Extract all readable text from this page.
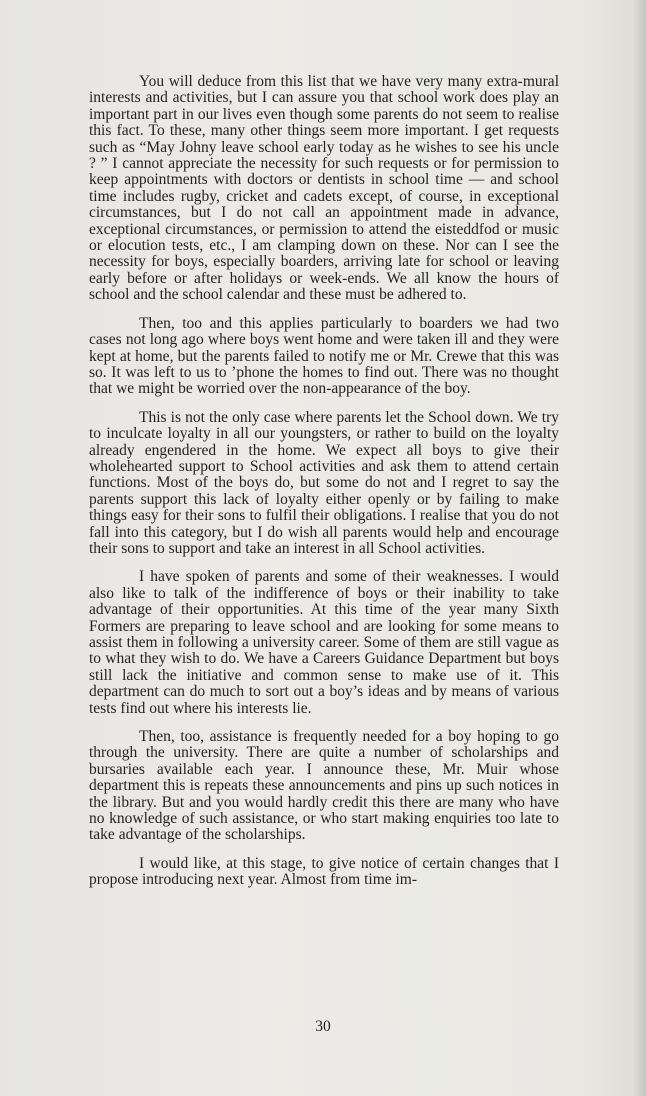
You will deduce from this list that we have very many extra-mural interests and activities, but I can assure you that school work does play an important part in our lives even though some parents do not seem to realise this fact. To these, many other things seem more important. I get requests such as “May Johny leave school early today as he wishes to see his uncle ? ” I cannot appreciate the necessity for such requests or for permission to keep appointments with doctors or dentists in school time — and school time includes rugby, cricket and cadets except, of course, in exceptional circumstances, but I do not call an appointment made in advance, exceptional circumstances, or permission to attend the eisteddfod or music or elocution tests, etc., I am clamping down on these. Nor can I see the necessity for boys, especially boarders, arriving late for school or leaving early before or after holidays or week-ends. We all know the hours of school and the school calendar and these must be adhered to.

Then, too and this applies particularly to boarders we had two cases not long ago where boys went home and were taken ill and they were kept at home, but the parents failed to notify me or Mr. Crewe that this was so. It was left to us to ’phone the homes to find out. There was no thought that we might be worried over the non-appearance of the boy.

This is not the only case where parents let the School down. We try to inculcate loyalty in all our youngsters, or rather to build on the loyalty already engendered in the home. We expect all boys to give their wholehearted support to School activities and ask them to attend certain functions. Most of the boys do, but some do not and I regret to say the parents support this lack of loyalty either openly or by failing to make things easy for their sons to fulfil their obligations. I realise that you do not fall into this category, but I do wish all parents would help and encourage their sons to support and take an interest in all School activities.

I have spoken of parents and some of their weaknesses. I would also like to talk of the indifference of boys or their inability to take advantage of their opportunities. At this time of the year many Sixth Formers are preparing to leave school and are looking for some means to assist them in following a university career. Some of them are still vague as to what they wish to do. We have a Careers Guidance Department but boys still lack the initiative and common sense to make use of it. This department can do much to sort out a boy’s ideas and by means of various tests find out where his interests lie.

Then, too, assistance is frequently needed for a boy hoping to go through the university. There are quite a number of scholarships and bursaries available each year. I announce these, Mr. Muir whose department this is repeats these announcements and pins up such notices in the library. But and you would hardly credit this there are many who have no knowledge of such assistance, or who start making enquiries too late to take advantage of the scholarships.

I would like, at this stage, to give notice of certain changes that I propose introducing next year. Almost from time im-

30
